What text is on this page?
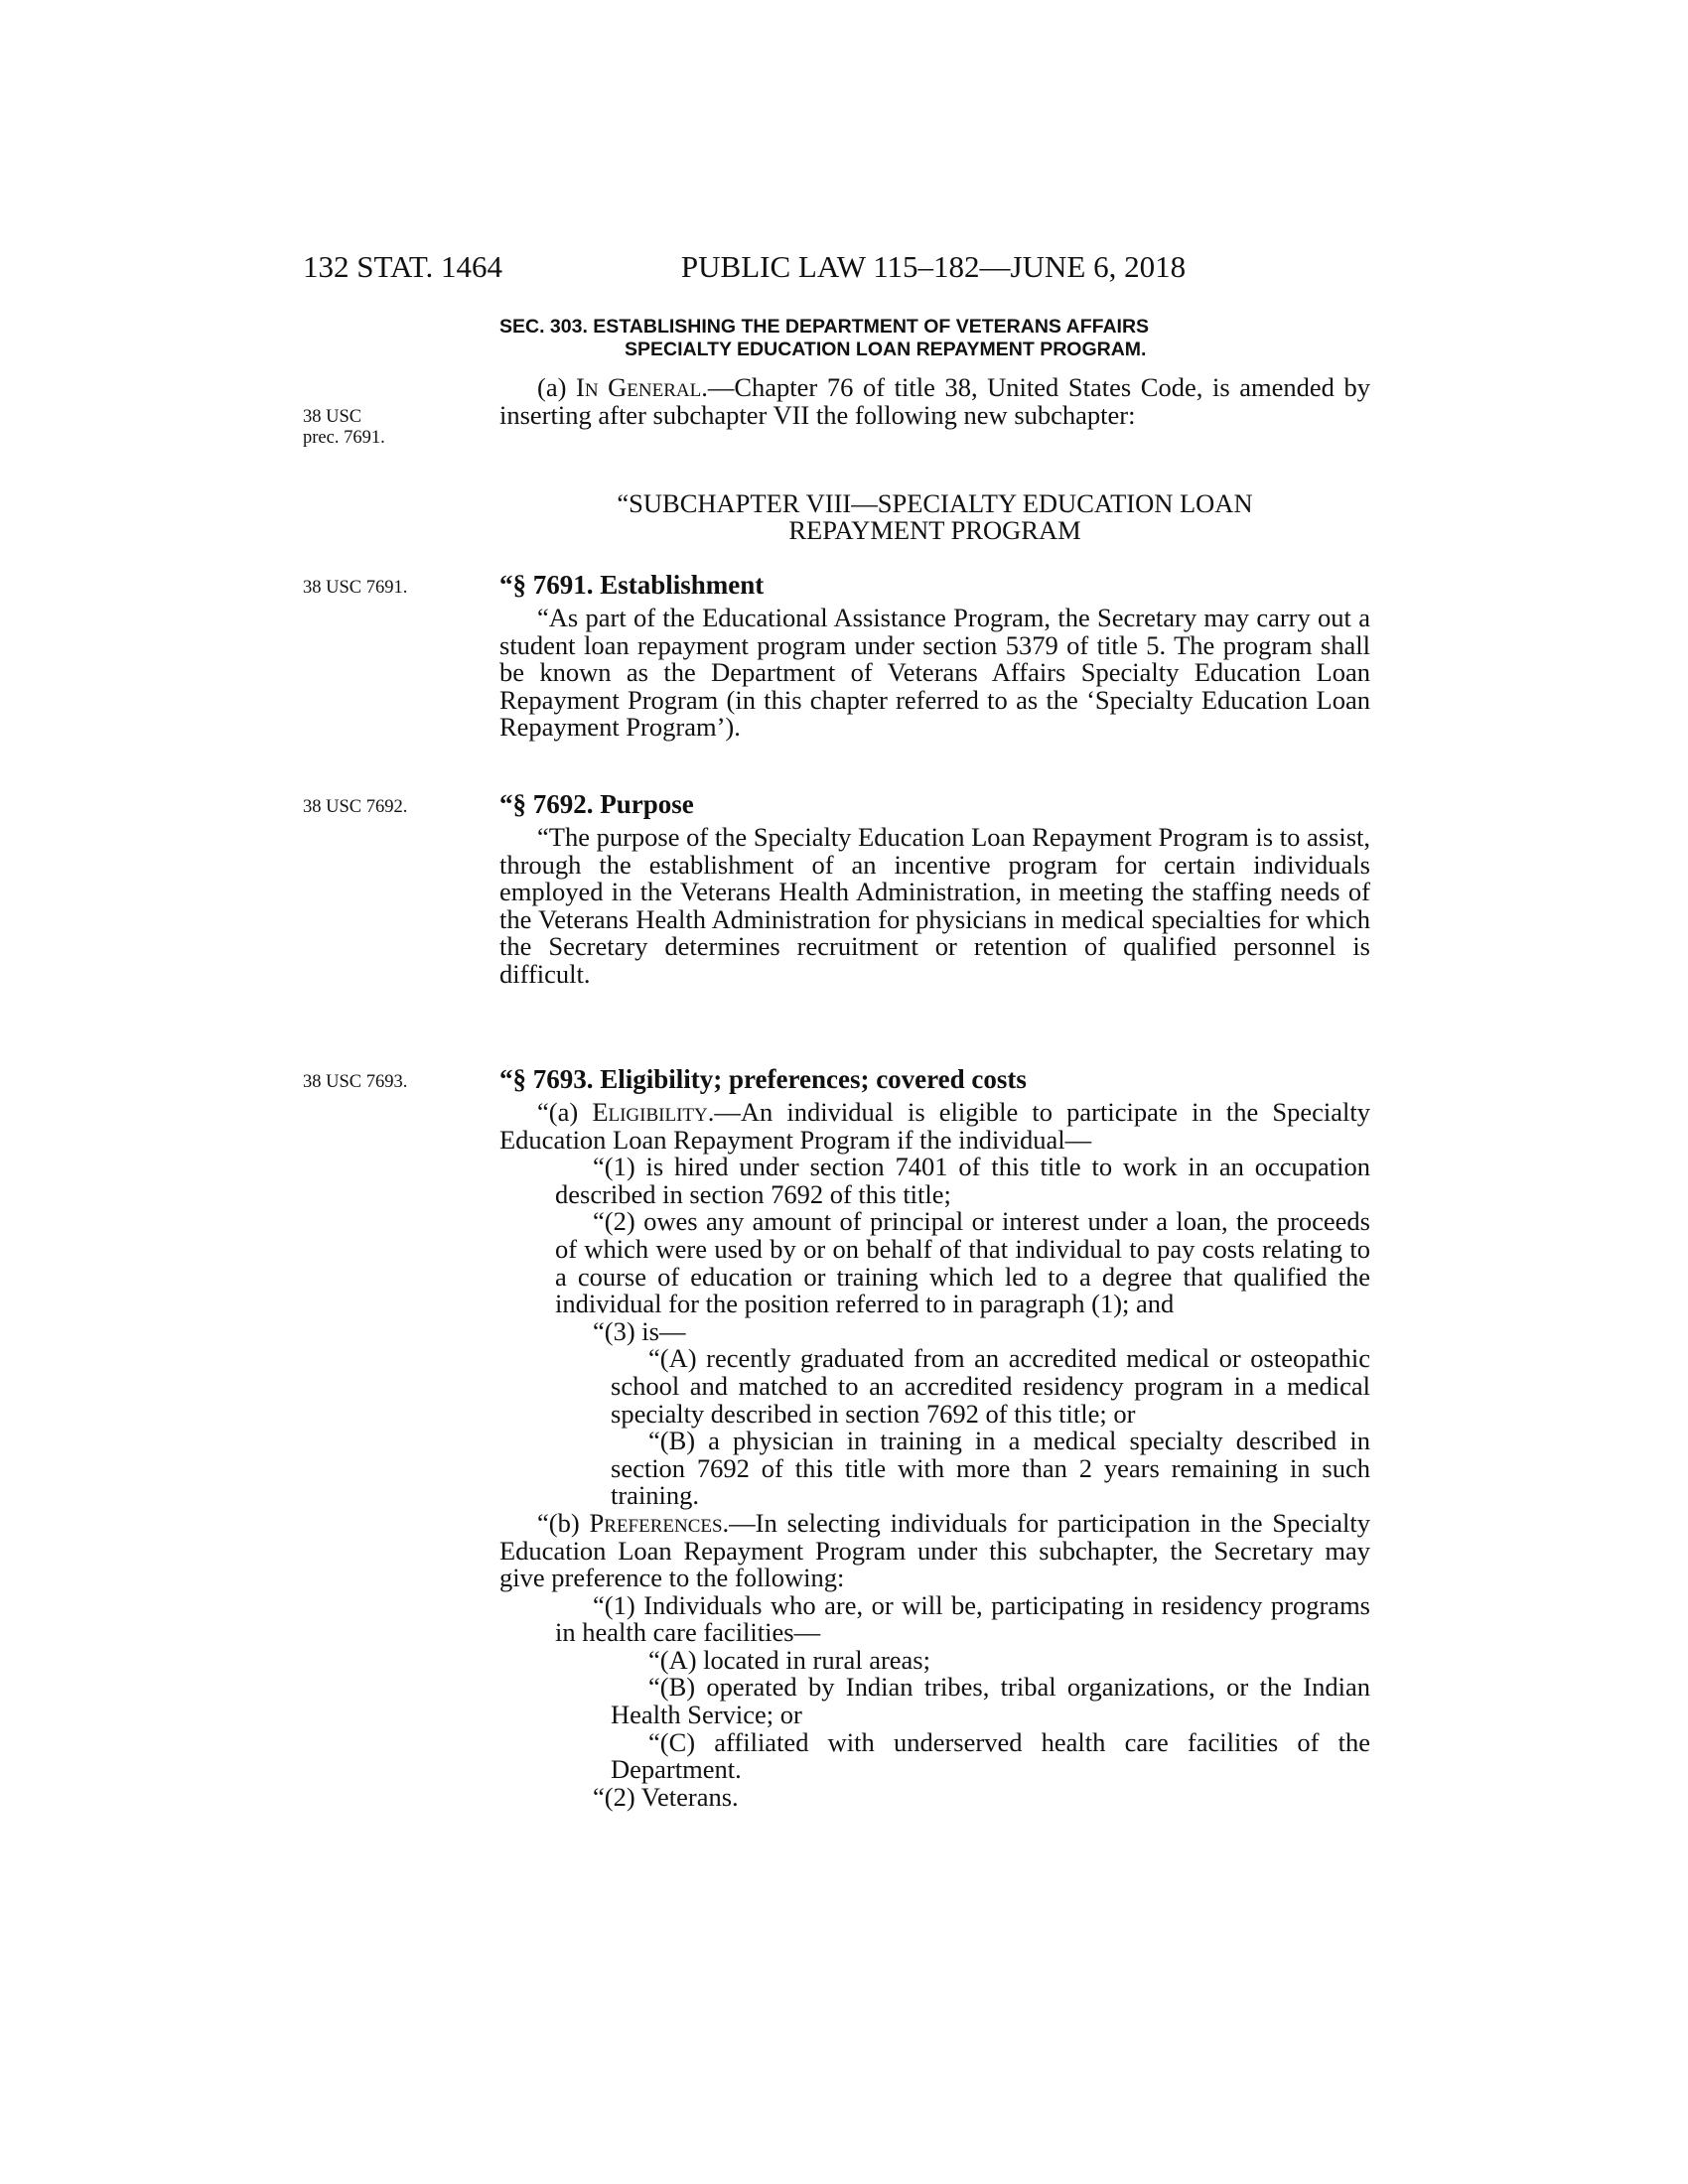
132 STAT. 1464	PUBLIC LAW 115–182—JUNE 6, 2018
38 USC
prec. 7691.
38 USC 7691.
38 USC 7692.
38 USC 7693.
SEC. 303. ESTABLISHING THE DEPARTMENT OF VETERANS AFFAIRS
SPECIALTY EDUCATION LOAN REPAYMENT PROGRAM.

(a) In General.—Chapter 76 of title 38, United States Code, is amended by inserting after subchapter VII the following new subchapter:

“SUBCHAPTER VIII—SPECIALTY EDUCATION LOAN
REPAYMENT PROGRAM
“§ 7691. Establishment

“As part of the Educational Assistance Program, the Secretary may carry out a student loan repayment program under section 5379 of title 5. The program shall be known as the Department of Veterans Affairs Specialty Education Loan Repayment Program (in this chapter referred to as the ‘Specialty Education Loan Repayment Program’).

“§ 7692. Purpose

“The purpose of the Specialty Education Loan Repayment Program is to assist, through the establishment of an incentive program for certain individuals employed in the Veterans Health Administration, in meeting the staffing needs of the Veterans Health Administration for physicians in medical specialties for which the Secretary determines recruitment or retention of qualified personnel is difficult.

“§ 7693. Eligibility; preferences; covered costs

“(a) Eligibility.—An individual is eligible to participate in the Specialty Education Loan Repayment Program if the individual—

“(1) is hired under section 7401 of this title to work in an occupation described in section 7692 of this title;

“(2) owes any amount of principal or interest under a loan, the proceeds of which were used by or on behalf of that individual to pay costs relating to a course of education or training which led to a degree that qualified the individual for the position referred to in paragraph (1); and

“(3) is—

“(A) recently graduated from an accredited medical or osteopathic school and matched to an accredited residency program in a medical specialty described in section 7692 of this title; or

“(B) a physician in training in a medical specialty described in section 7692 of this title with more than 2 years remaining in such training.

“(b) Preferences.—In selecting individuals for participation in the Specialty Education Loan Repayment Program under this subchapter, the Secretary may give preference to the following:

“(1) Individuals who are, or will be, participating in residency programs in health care facilities—

“(A) located in rural areas;

“(B) operated by Indian tribes, tribal organizations, or the Indian Health Service; or

“(C) affiliated with underserved health care facilities of the Department.

“(2) Veterans.
